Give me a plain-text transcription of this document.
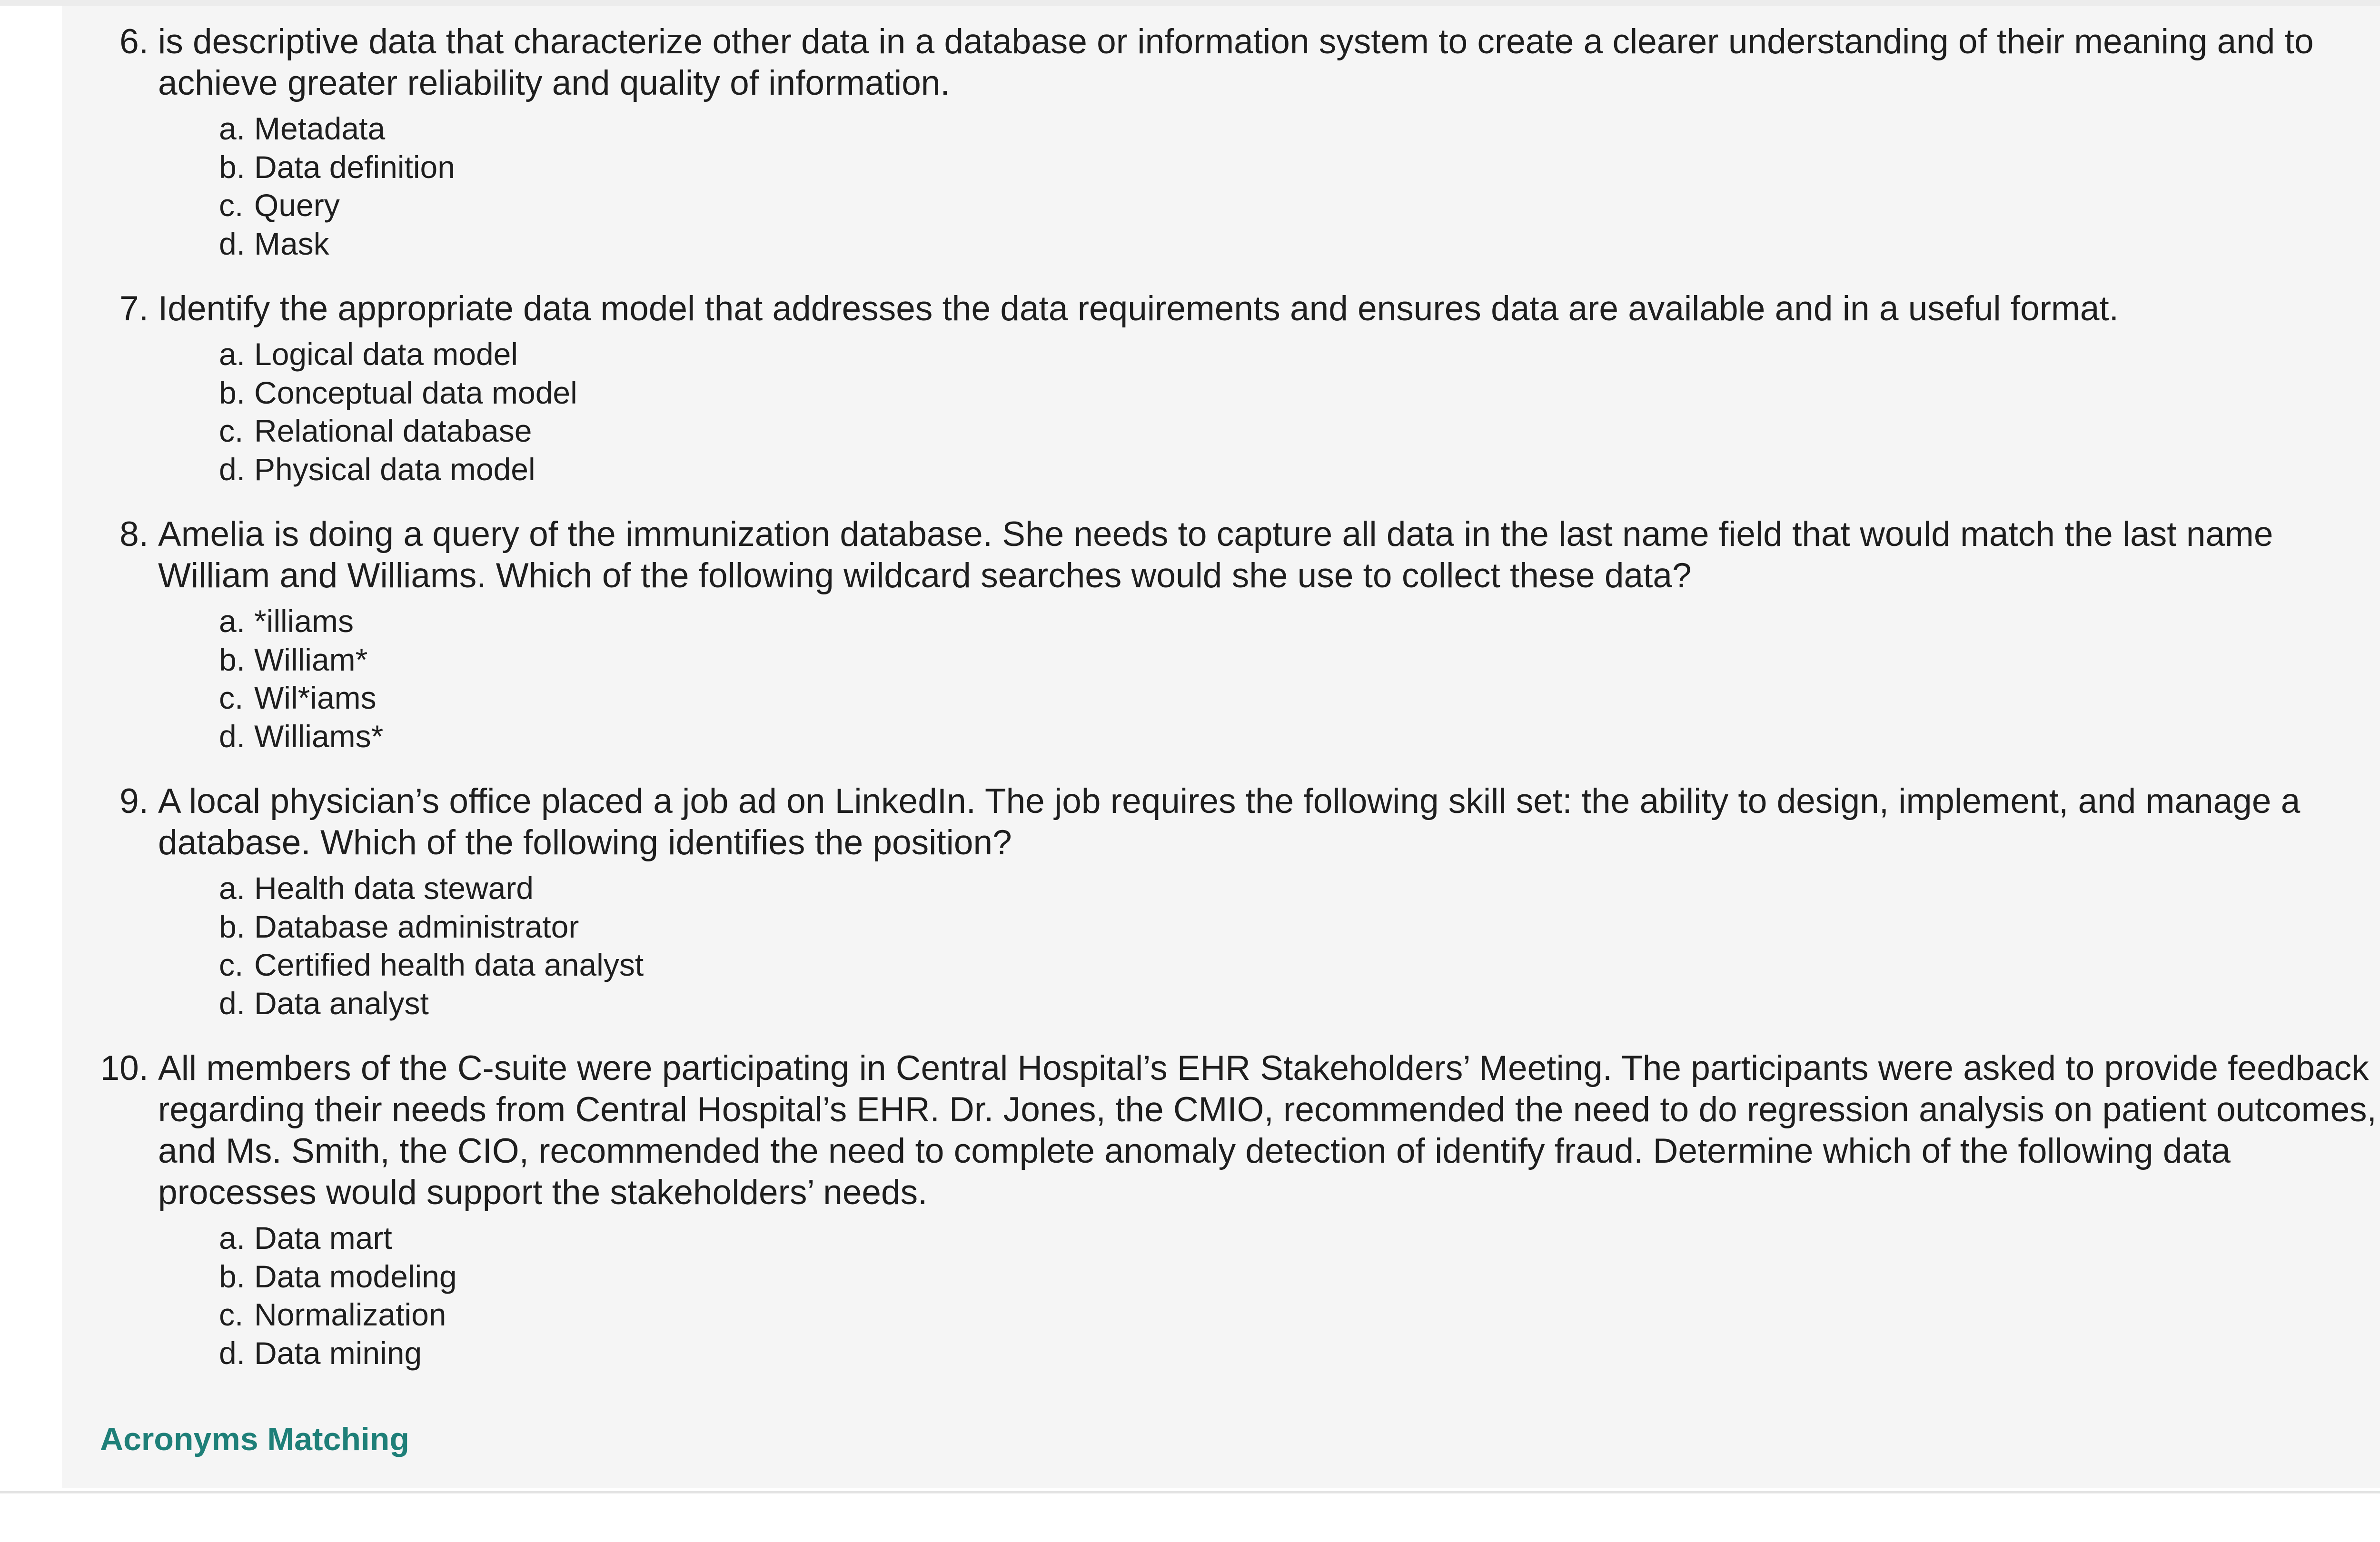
6. is descriptive data that characterize other data in a database or information system to create a clearer understanding of their meaning and to achieve greater reliability and quality of information.
a. Metadata
b. Data definition
c. Query
d. Mask
7. Identify the appropriate data model that addresses the data requirements and ensures data are available and in a useful format.
a. Logical data model
b. Conceptual data model
c. Relational database
d. Physical data model
8. Amelia is doing a query of the immunization database. She needs to capture all data in the last name field that would match the last name William and Williams. Which of the following wildcard searches would she use to collect these data?
a. *illiams
b. William*
c. Wil*iams
d. Williams*
9. A local physician’s office placed a job ad on LinkedIn. The job requires the following skill set: the ability to design, implement, and manage a database. Which of the following identifies the position?
a. Health data steward
b. Database administrator
c. Certified health data analyst
d. Data analyst
10. All members of the C-suite were participating in Central Hospital’s EHR Stakeholders’ Meeting. The participants were asked to provide feedback regarding their needs from Central Hospital’s EHR. Dr. Jones, the CMIO, recommended the need to do regression analysis on patient outcomes, and Ms. Smith, the CIO, recommended the need to complete anomaly detection of identify fraud. Determine which of the following data processes would support the stakeholders’ needs.
a. Data mart
b. Data modeling
c. Normalization
d. Data mining
Acronyms Matching
